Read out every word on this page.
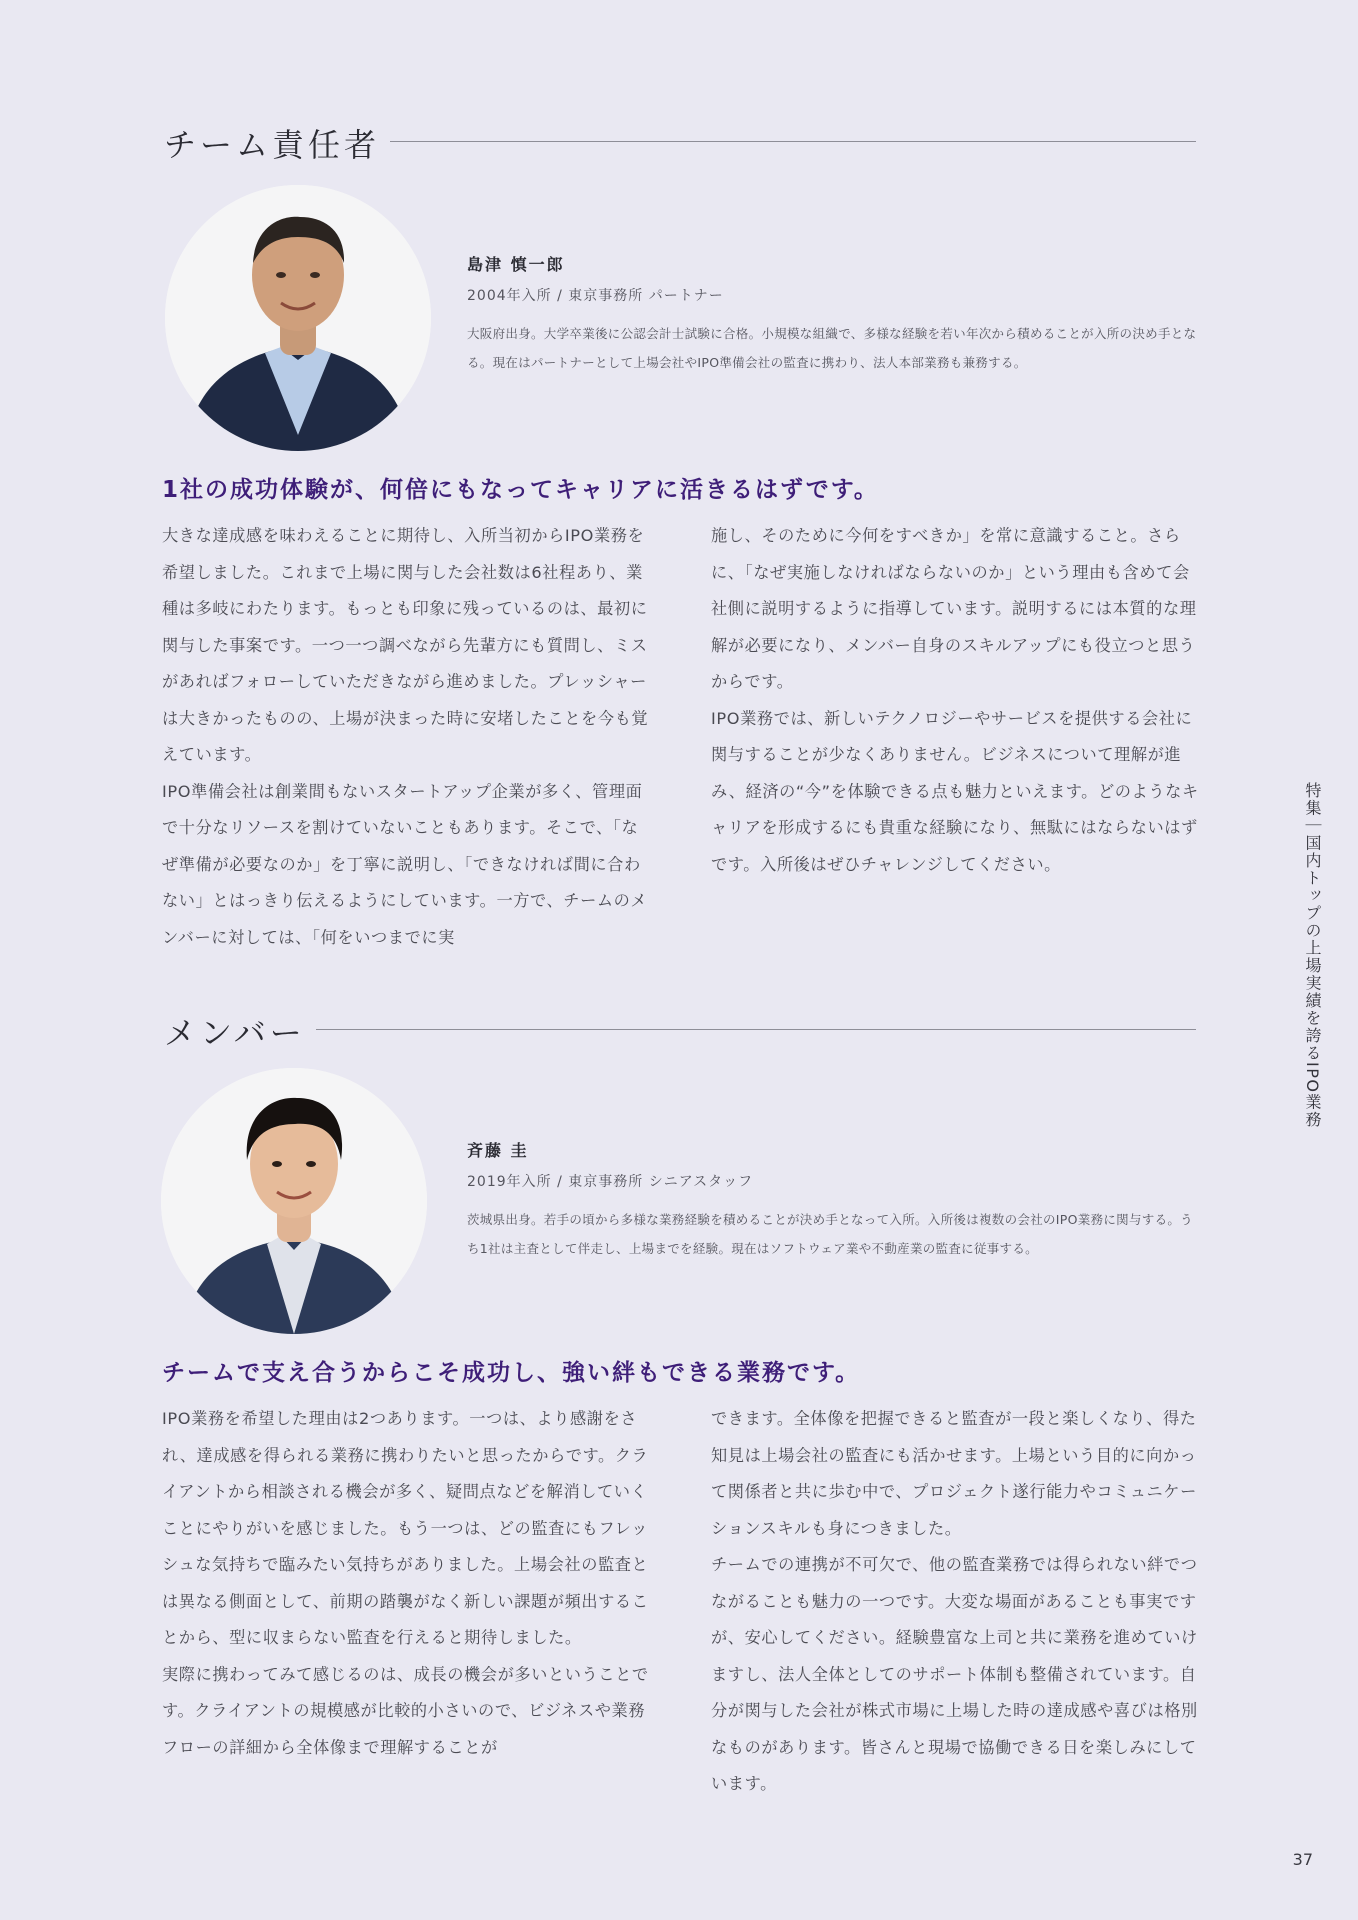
チーム責任者
島津 慎一郎
2004年入所 / 東京事務所 パートナー
大阪府出身。大学卒業後に公認会計士試験に合格。小規模な組織で、多様な経験を若い年次から積めることが入所の決め手となる。現在はパートナーとして上場会社やIPO準備会社の監査に携わり、法人本部業務も兼務する。
1社の成功体験が、何倍にもなってキャリアに活きるはずです。

大きな達成感を味わえることに期待し、入所当初からIPO業務を希望しました。これまで上場に関与した会社数は6社程あり、業種は多岐にわたります。もっとも印象に残っているのは、最初に関与した事案です。一つ一つ調べながら先輩方にも質問し、ミスがあればフォローしていただきながら進めました。プレッシャーは大きかったものの、上場が決まった時に安堵したことを今も覚えています。

IPO準備会社は創業間もないスタートアップ企業が多く、管理面で十分なリソースを割けていないこともあります。そこで、「なぜ準備が必要なのか」を丁寧に説明し、「できなければ間に合わない」とはっきり伝えるようにしています。一方で、チームのメンバーに対しては、「何をいつまでに実

施し、そのために今何をすべきか」を常に意識すること。さらに、「なぜ実施しなければならないのか」という理由も含めて会社側に説明するように指導しています。説明するには本質的な理解が必要になり、メンバー自身のスキルアップにも役立つと思うからです。

IPO業務では、新しいテクノロジーやサービスを提供する会社に関与することが少なくありません。ビジネスについて理解が進み、経済の“今”を体験できる点も魅力といえます。どのようなキャリアを形成するにも貴重な経験になり、無駄にはならないはずです。入所後はぜひチャレンジしてください。

メンバー
斉藤 圭
2019年入所 / 東京事務所 シニアスタッフ
茨城県出身。若手の頃から多様な業務経験を積めることが決め手となって入所。入所後は複数の会社のIPO業務に関与する。うち1社は主査として伴走し、上場までを経験。現在はソフトウェア業や不動産業の監査に従事する。
チームで支え合うからこそ成功し、強い絆もできる業務です。

IPO業務を希望した理由は2つあります。一つは、より感謝をされ、達成感を得られる業務に携わりたいと思ったからです。クライアントから相談される機会が多く、疑問点などを解消していくことにやりがいを感じました。もう一つは、どの監査にもフレッシュな気持ちで臨みたい気持ちがありました。上場会社の監査とは異なる側面として、前期の踏襲がなく新しい課題が頻出することから、型に収まらない監査を行えると期待しました。

実際に携わってみて感じるのは、成長の機会が多いということです。クライアントの規模感が比較的小さいので、ビジネスや業務フローの詳細から全体像まで理解することが

できます。全体像を把握できると監査が一段と楽しくなり、得た知見は上場会社の監査にも活かせます。上場という目的に向かって関係者と共に歩む中で、プロジェクト遂行能力やコミュニケーションスキルも身につきました。

チームでの連携が不可欠で、他の監査業務では得られない絆でつながることも魅力の一つです。大変な場面があることも事実ですが、安心してください。経験豊富な上司と共に業務を進めていけますし、法人全体としてのサポート体制も整備されています。自分が関与した会社が株式市場に上場した時の達成感や喜びは格別なものがあります。皆さんと現場で協働できる日を楽しみにしています。

特集｜国内トップの上場実績を誇るIPO業務
37
